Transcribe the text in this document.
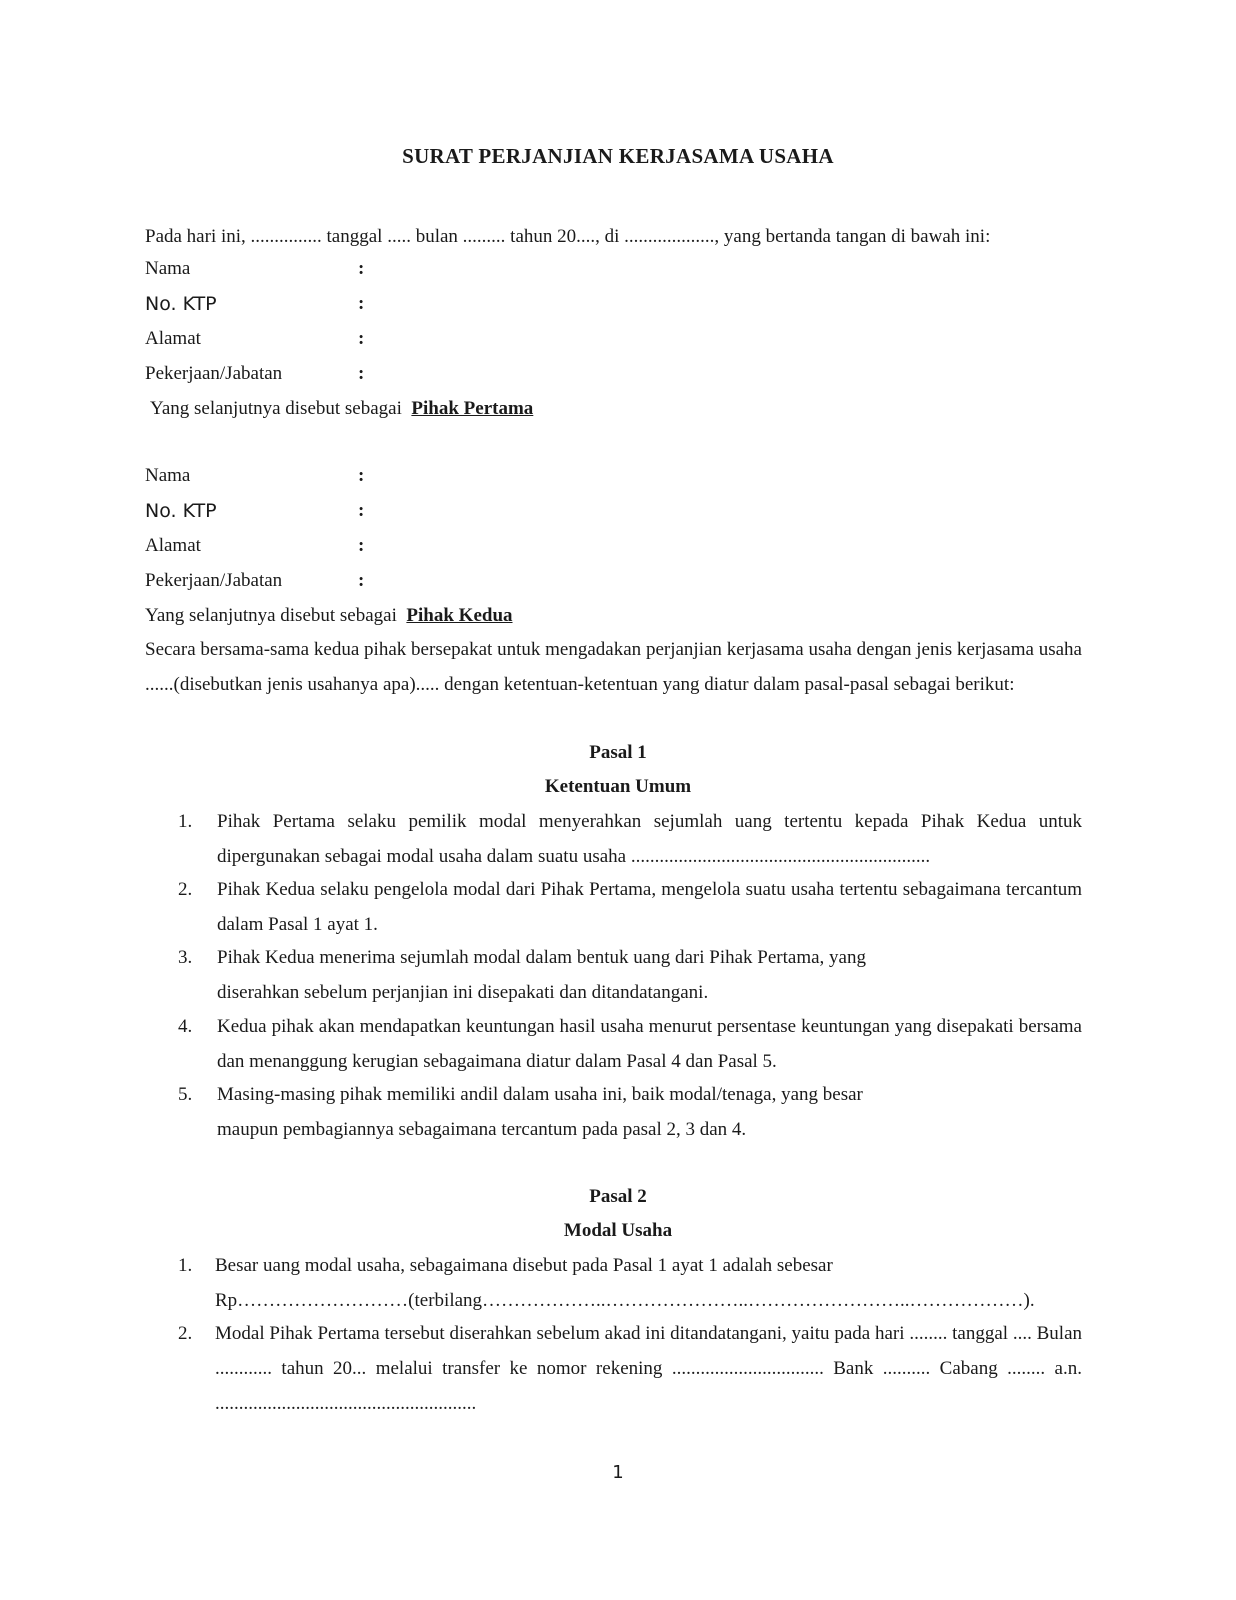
SURAT PERJANJIAN KERJASAMA USAHA
Pada hari ini, ............... tanggal ..... bulan ......... tahun 20...., di ..................., yang bertanda tangan di bawah ini:
Nama	:
No. KTP	:
Alamat	:
Pekerjaan/Jabatan	:
Yang selanjutnya disebut sebagai Pihak Pertama
Nama	:
No. KTP	:
Alamat	:
Pekerjaan/Jabatan	:
Yang selanjutnya disebut sebagai Pihak Kedua
Secara bersama-sama kedua pihak bersepakat untuk mengadakan perjanjian kerjasama usaha dengan jenis kerjasama usaha ......(disebutkan jenis usahanya apa)..... dengan ketentuan-ketentuan yang diatur dalam pasal-pasal sebagai berikut:
Pasal 1
Ketentuan Umum
1. Pihak Pertama selaku pemilik modal menyerahkan sejumlah uang tertentu kepada Pihak Kedua untuk dipergunakan sebagai modal usaha dalam suatu usaha ...............................................................
2. Pihak Kedua selaku pengelola modal dari Pihak Pertama, mengelola suatu usaha tertentu sebagaimana tercantum dalam Pasal 1 ayat 1.
3. Pihak Kedua menerima sejumlah modal dalam bentuk uang dari Pihak Pertama, yang
diserahkan sebelum perjanjian ini disepakati dan ditandatangani.
4. Kedua pihak akan mendapatkan keuntungan hasil usaha menurut persentase keuntungan yang disepakati bersama dan menanggung kerugian sebagaimana diatur dalam Pasal 4 dan Pasal 5.
5. Masing-masing pihak memiliki andil dalam usaha ini, baik modal/tenaga, yang besar
maupun pembagiannya sebagaimana tercantum pada pasal 2, 3 dan 4.
Pasal 2
Modal Usaha
1. Besar uang modal usaha, sebagaimana disebut pada Pasal 1 ayat 1 adalah sebesar
Rp………………………(terbilang………………..…………………..……………………..………………).
2. Modal Pihak Pertama tersebut diserahkan sebelum akad ini ditandatangani, yaitu pada hari ........ tanggal .... Bulan ............ tahun 20... melalui transfer ke nomor rekening ................................ Bank .......... Cabang ........ a.n. .......................................................
1
